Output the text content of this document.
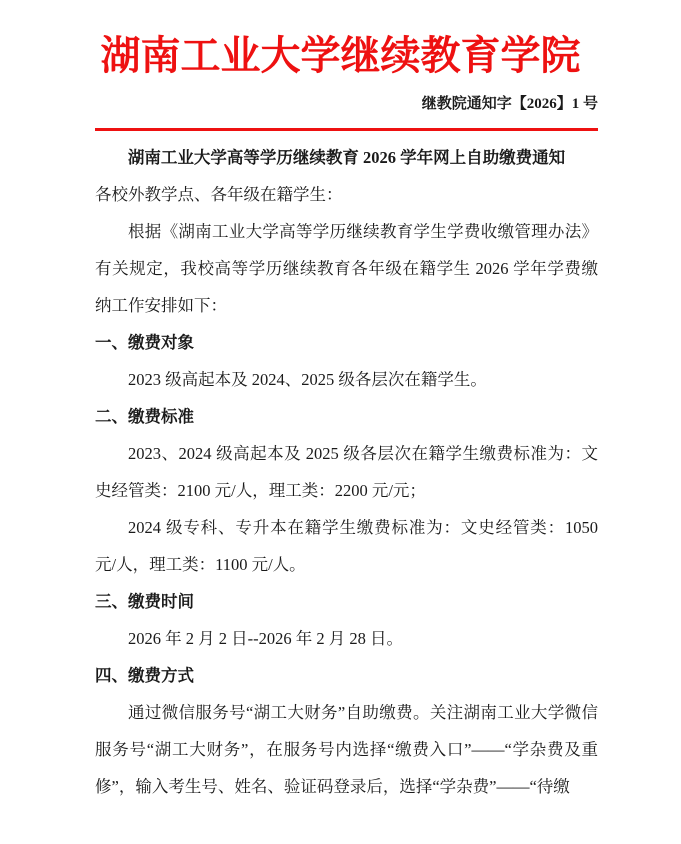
湖南工业大学继续教育学院
继教院通知字【2026】1 号
湖南工业大学高等学历继续教育 2026 学年网上自助缴费通知

各校外教学点、各年级在籍学生：

根据《湖南工业大学高等学历继续教育学生学费收缴管理办法》有关规定，我校高等学历继续教育各年级在籍学生 2026 学年学费缴纳工作安排如下：

一、缴费对象

2023 级高起本及 2024、2025 级各层次在籍学生。

二、缴费标准

2023、2024 级高起本及 2025 级各层次在籍学生缴费标准为：文史经管类：2100 元/人，理工类：2200 元/元；

2024 级专科、专升本在籍学生缴费标准为：文史经管类：1050 元/人，理工类：1100 元/人。

三、缴费时间

2026 年 2 月 2 日--2026 年 2 月 28 日。

四、缴费方式

通过微信服务号“湖工大财务”自助缴费。关注湖南工业大学微信服务号“湖工大财务”，在服务号内选择“缴费入口”——“学杂费及重修”，输入考生号、姓名、验证码登录后，选择“学杂费”——“待缴
